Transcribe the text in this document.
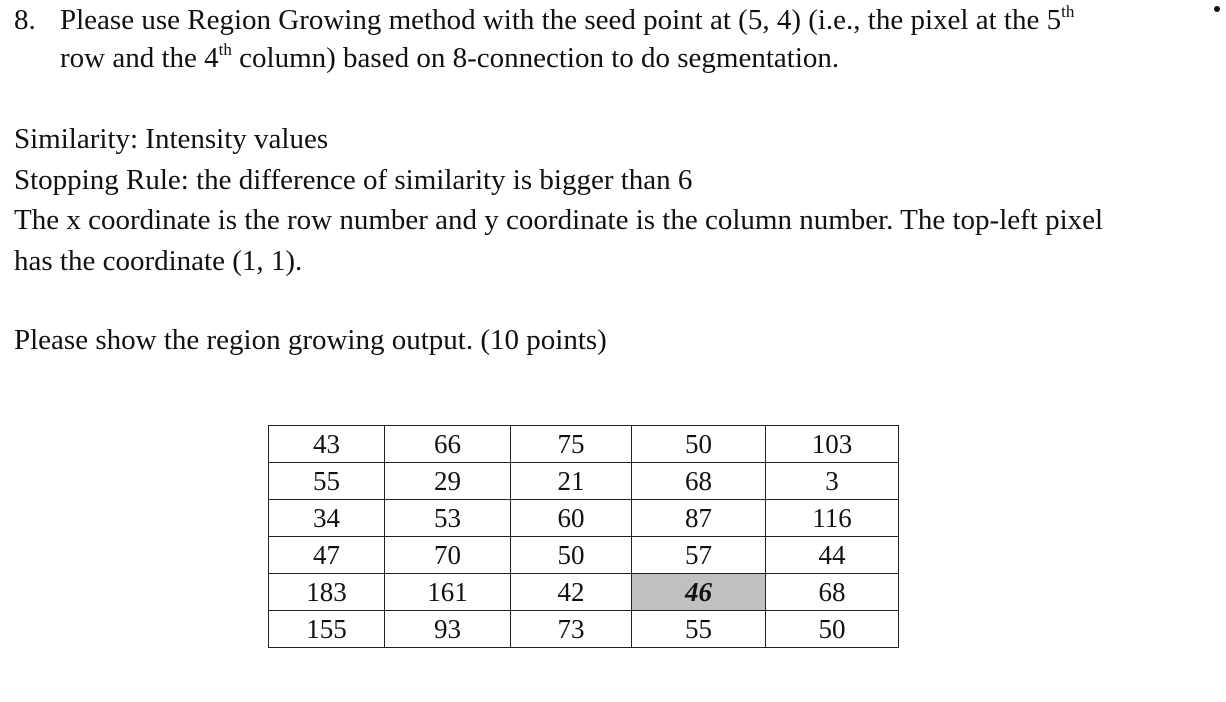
8. Please use Region Growing method with the seed point at (5, 4) (i.e., the pixel at the 5th
row and the 4th column) based on 8-connection to do segmentation.
Similarity: Intensity values
Stopping Rule: the difference of similarity is bigger than 6
The x coordinate is the row number and y coordinate is the column number. The top-left pixel
has the coordinate (1, 1).
Please show the region growing output. (10 points)
43	66	75	50	103
55	29	21	68	3
34	53	60	87	116
47	70	50	57	44
183	161	42	46	68
155	93	73	55	50
